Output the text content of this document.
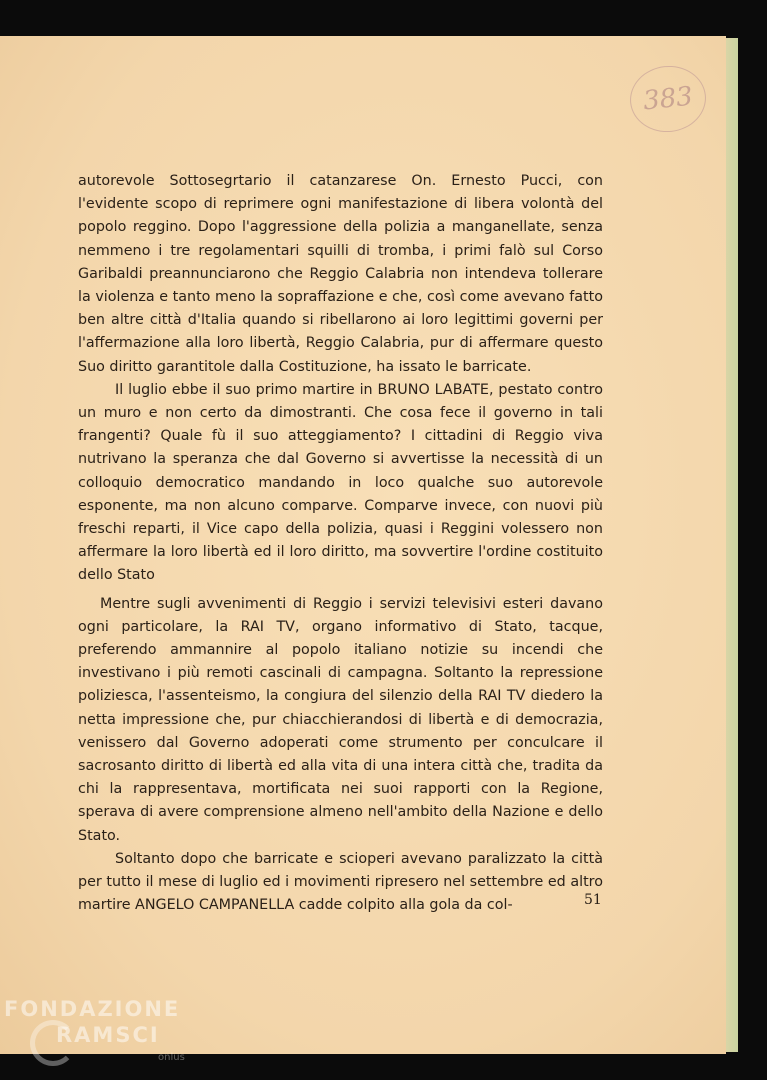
383

autorevole Sottosegrtario il catanzarese On. Ernesto Pucci, con l'evidente scopo di reprimere ogni manifestazione di libera volontà del popolo reggino. Dopo l'aggressione della polizia a manganellate, senza nemmeno i tre regolamentari squilli di tromba, i primi falò sul Corso Garibaldi preannunciarono che Reggio Calabria non intendeva tollerare la violenza e tanto meno la sopraffazione e che, così come avevano fatto ben altre città d'Italia quando si ribellarono ai loro legittimi governi per l'affermazione alla loro libertà, Reggio Calabria, pur di affermare questo Suo diritto garantitole dalla Costituzione, ha issato le barricate.

Il luglio ebbe il suo primo martire in BRUNO LABATE, pestato contro un muro e non certo da dimostranti. Che cosa fece il governo in tali frangenti? Quale fù il suo atteggiamento? I cittadini di Reggio viva nutrivano la speranza che dal Governo si avvertisse la necessità di un colloquio democratico mandando in loco qualche suo autorevole esponente, ma non alcuno comparve. Comparve invece, con nuovi più freschi reparti, il Vice capo della polizia, quasi i Reggini volessero non affermare la loro libertà ed il loro diritto, ma sovvertire l'ordine costituito dello Stato

Mentre sugli avvenimenti di Reggio i servizi televisivi esteri davano ogni particolare, la RAI TV, organo informativo di Stato, tacque, preferendo ammannire al popolo italiano notizie su incendi che investivano i più remoti cascinali di campagna. Soltanto la repressione poliziesca, l'assenteismo, la congiura del silenzio della RAI TV diedero la netta impressione che, pur chiacchierandosi di libertà e di democrazia, venissero dal Governo adoperati come strumento per conculcare il sacrosanto diritto di libertà ed alla vita di una intera città che, tradita da chi la rappresentava, mortificata nei suoi rapporti con la Regione, sperava di avere comprensione almeno nell'ambito della Nazione e dello Stato.

Soltanto dopo che barricate e scioperi avevano paralizzato la città per tutto il mese di luglio ed i movimenti ripresero nel settembre ed altro martire ANGELO CAMPANELLA cadde colpito alla gola da col-	51
FONDAZIONE
RAMSCI
onlus
